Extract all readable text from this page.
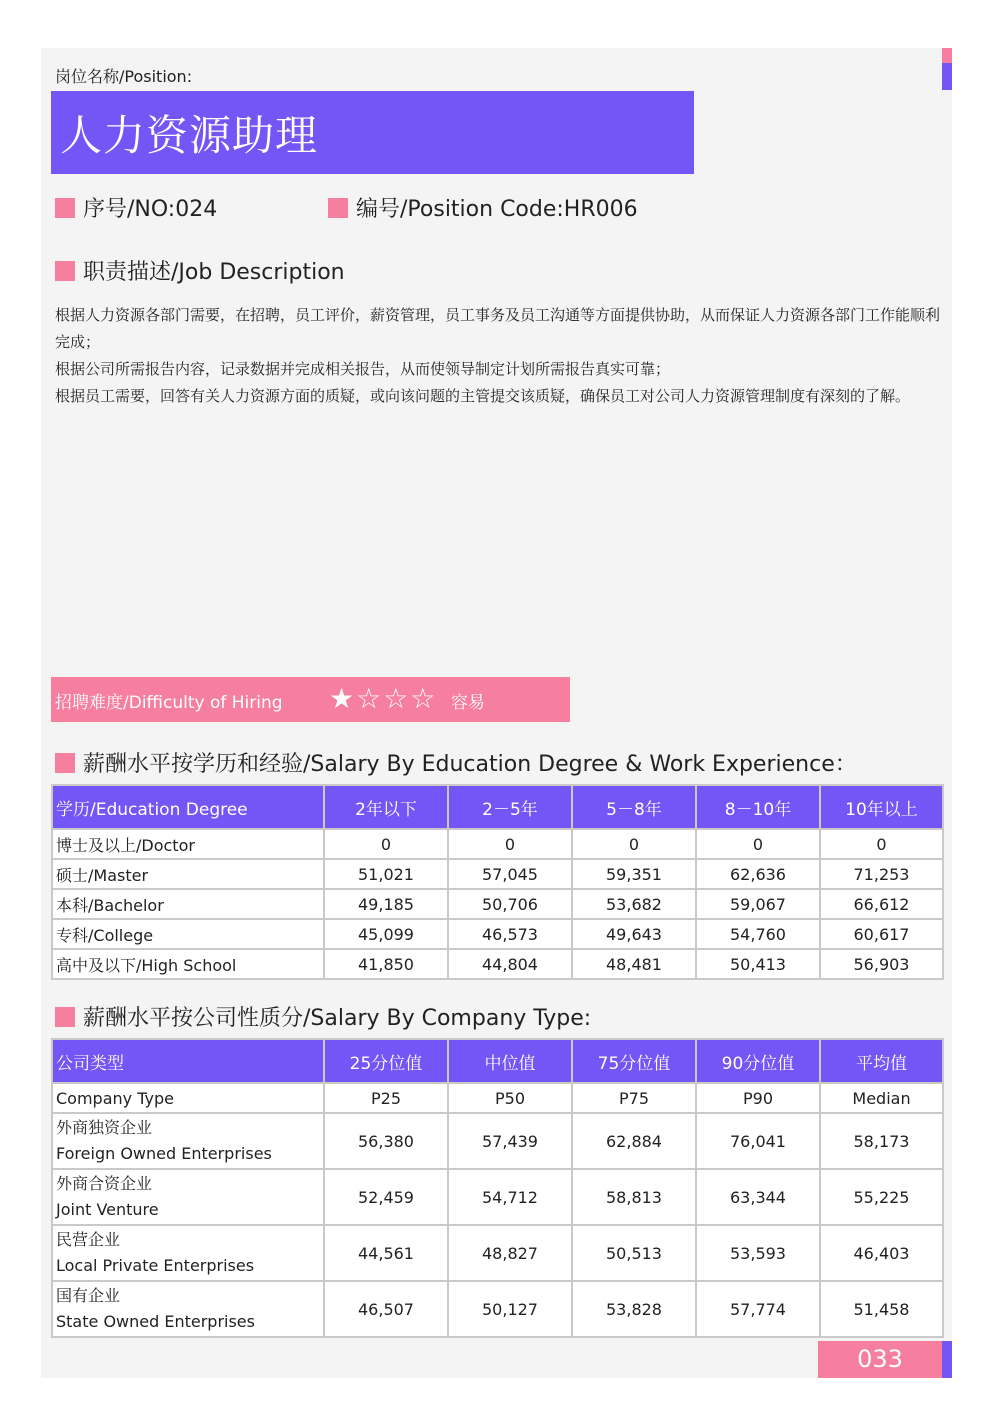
岗位名称/Position:
人力资源助理
序号/NO:024	编号/Position Code:HR006
职责描述/Job Description

根据人力资源各部门需要，在招聘，员工评价，薪资管理，员工事务及员工沟通等方面提供协助，从而保证人力资源各部门工作能顺利完成；

根据公司所需报告内容，记录数据并完成相关报告，从而使领导制定计划所需报告真实可靠；

根据员工需要，回答有关人力资源方面的质疑，或向该问题的主管提交该质疑，确保员工对公司人力资源管理制度有深刻的了解。

招聘难度/Difficulty of Hiring ★☆☆☆ 容易
薪酬水平按学历和经验/Salary By Education Degree & Work Experience：
学历/Education Degree	2年以下	2－5年	5－8年	8－10年	10年以上
博士及以上/Doctor	0	0	0	0	0
硕士/Master	51,021	57,045	59,351	62,636	71,253
本科/Bachelor	49,185	50,706	53,682	59,067	66,612
专科/College	45,099	46,573	49,643	54,760	60,617
高中及以下/High School	41,850	44,804	48,481	50,413	56,903
薪酬水平按公司性质分/Salary By Company Type:
公司类型	25分位值	中位值	75分位值	90分位值	平均值
Company Type	P25	P50	P75	P90	Median

外商独资企业
Foreign Owned Enterprises	56,380	57,439	62,884	76,041	58,173

外商合资企业
Joint Venture	52,459	54,712	58,813	63,344	55,225

民营企业
Local Private Enterprises	44,561	48,827	50,513	53,593	46,403

国有企业
State Owned Enterprises	46,507	50,127	53,828	57,774	51,458
033
